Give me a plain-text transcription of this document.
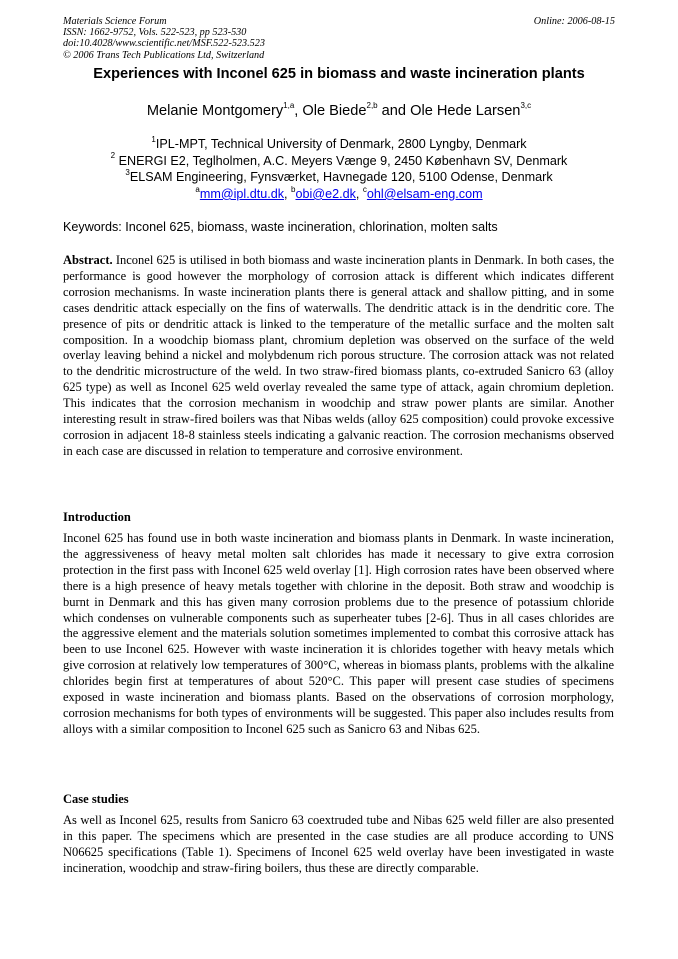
Materials Science Forum
ISSN: 1662-9752, Vols. 522-523, pp 523-530
doi:10.4028/www.scientific.net/MSF.522-523.523
© 2006 Trans Tech Publications Ltd, Switzerland
Online: 2006-08-15
Experiences with Inconel 625 in biomass and waste incineration plants
Melanie Montgomery$^{1,a}$, Ole Biede$^{2,b}$ and Ole Hede Larsen$^{3,c}$
$^1$IPL-MPT, Technical University of Denmark, 2800 Lyngby, Denmark
$^2$ ENERGI E2, Teglholmen, A.C. Meyers Vænge 9, 2450 København SV, Denmark
$^3$ELSAM Engineering, Fynsværket, Havnegade 120, 5100 Odense, Denmark
$^a$mm@ipl.dtu.dk, $^b$obi@e2.dk, $^c$ohl@elsam-eng.com
Keywords: Inconel 625, biomass, waste incineration, chlorination, molten salts

Abstract. Inconel 625 is utilised in both biomass and waste incineration plants in Denmark. In both cases, the performance is good however the morphology of corrosion attack is different which indicates different corrosion mechanisms. In waste incineration plants there is general attack and shallow pitting, and in some cases dendritic attack especially on the fins of waterwalls. The dendritic attack is in the dendritic core. The presence of pits or dendritic attack is linked to the temperature of the metallic surface and the molten salt composition. In a woodchip biomass plant, chromium depletion was observed on the surface of the weld overlay leaving behind a nickel and molybdenum rich porous structure. The corrosion attack was not related to the dendritic microstructure of the weld. In two straw-fired biomass plants, co-extruded Sanicro 63 (alloy 625 type) as well as Inconel 625 weld overlay revealed the same type of attack, again chromium depletion. This indicates that the corrosion mechanism in woodchip and straw power plants are similar. Another interesting result in straw-fired boilers was that Nibas welds (alloy 625 composition) could provoke excessive corrosion in adjacent 18-8 stainless steels indicating a galvanic reaction. The corrosion mechanisms observed in each case are discussed in relation to temperature and corrosive environment.

Introduction

Inconel 625 has found use in both waste incineration and biomass plants in Denmark. In waste incineration, the aggressiveness of heavy metal molten salt chlorides has made it necessary to give extra corrosion protection in the first pass with Inconel 625 weld overlay [1]. High corrosion rates have been observed where there is a high presence of heavy metals together with chlorine in the deposit. Both straw and woodchip is burnt in Denmark and this has given many corrosion problems due to the presence of potassium chloride which condenses on vulnerable components such as superheater tubes [2-6]. Thus in all cases chlorides are the aggressive element and the materials solution sometimes implemented to combat this corrosive attack has been to use Inconel 625. However with waste incineration it is chlorides together with heavy metals which give corrosion at relatively low temperatures of 300°C, whereas in biomass plants, problems with the alkaline chlorides begin first at temperatures of about 520°C. This paper will present case studies of specimens exposed in waste incineration and biomass plants. Based on the observations of corrosion morphology, corrosion mechanisms for both types of environments will be suggested. This paper also includes results from alloys with a similar composition to Inconel 625 such as Sanicro 63 and Nibas 625.

Case studies

As well as Inconel 625, results from Sanicro 63 coextruded tube and Nibas 625 weld filler are also presented in this paper. The specimens which are presented in the case studies are all produce according to UNS N06625 specifications (Table 1). Specimens of Inconel 625 weld overlay have been investigated in waste incineration, woodchip and straw-firing boilers, thus these are directly comparable.
